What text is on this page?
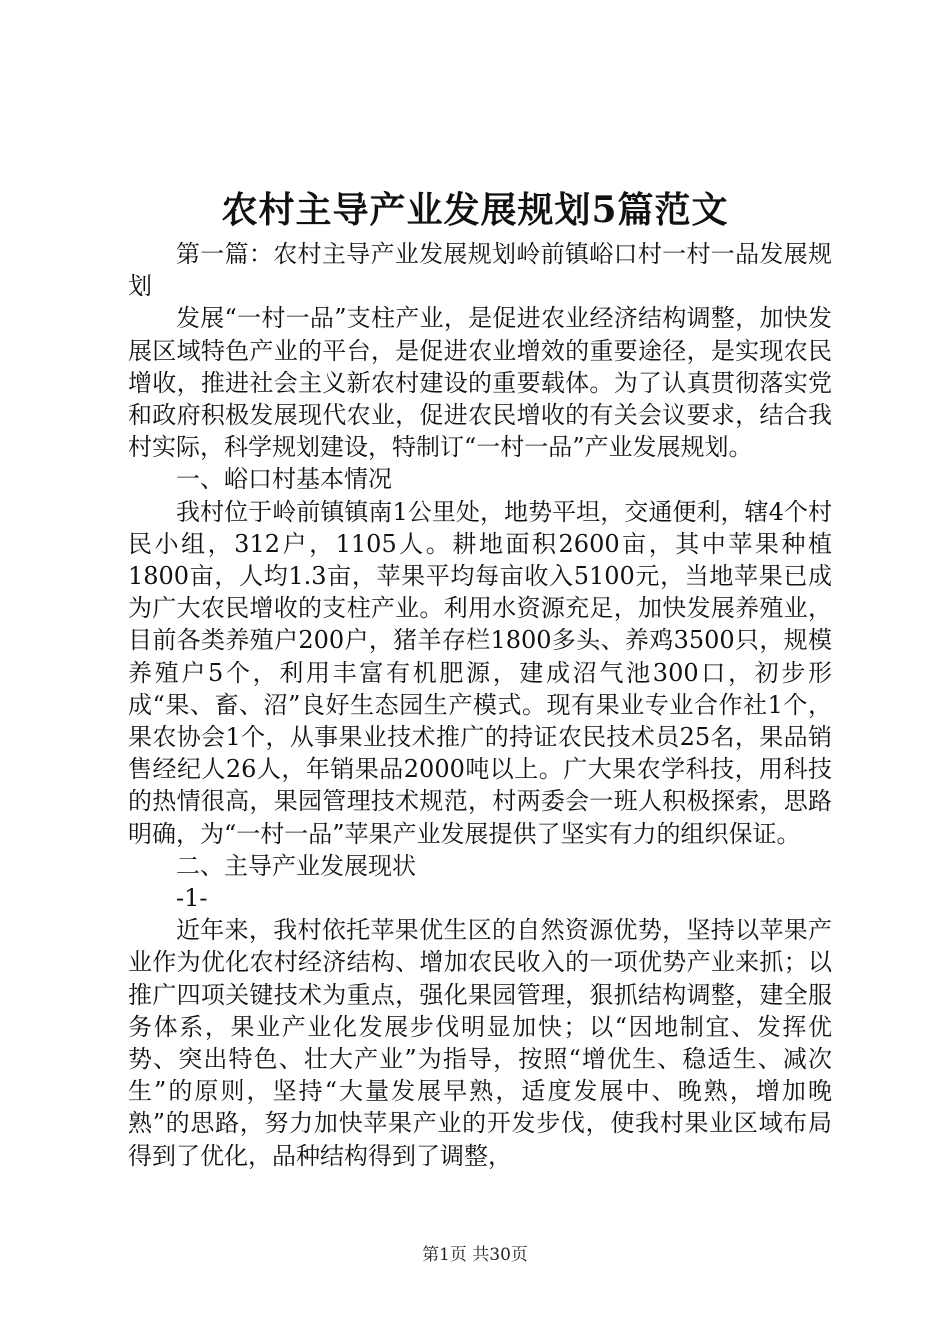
农村主导产业发展规划5篇范文

第一篇：农村主导产业发展规划岭前镇峪口村一村一品发展规划

发展“一村一品”支柱产业，是促进农业经济结构调整，加快发展区域特色产业的平台，是促进农业增效的重要途径，是实现农民增收，推进社会主义新农村建设的重要载体。为了认真贯彻落实党和政府积极发展现代农业，促进农民增收的有关会议要求，结合我村实际，科学规划建设，特制订“一村一品”产业发展规划。

一、峪口村基本情况

我村位于岭前镇镇南1公里处，地势平坦，交通便利，辖4个村民小组，312户，1105人。耕地面积2600亩，其中苹果种植1800亩，人均1.3亩，苹果平均每亩收入5100元，当地苹果已成为广大农民增收的支柱产业。利用水资源充足，加快发展养殖业，目前各类养殖户200户，猪羊存栏1800多头、养鸡3500只，规模养殖户5个，利用丰富有机肥源，建成沼气池300口，初步形成“果、畜、沼”良好生态园生产模式。现有果业专业合作社1个，果农协会1个，从事果业技术推广的持证农民技术员25名，果品销售经纪人26人，年销果品2000吨以上。广大果农学科技，用科技的热情很高，果园管理技术规范，村两委会一班人积极探索，思路明确，为“一村一品”苹果产业发展提供了坚实有力的组织保证。

二、主导产业发展现状

-1-

近年来，我村依托苹果优生区的自然资源优势，坚持以苹果产业作为优化农村经济结构、增加农民收入的一项优势产业来抓；以推广四项关键技术为重点，强化果园管理，狠抓结构调整，建全服务体系，果业产业化发展步伐明显加快；以“因地制宜、发挥优势、突出特色、壮大产业”为指导，按照“增优生、稳适生、减次生”的原则，坚持“大量发展早熟，适度发展中、晚熟，增加晚熟”的思路，努力加快苹果产业的开发步伐，使我村果业区域布局得到了优化，品种结构得到了调整，

第1页 共30页
